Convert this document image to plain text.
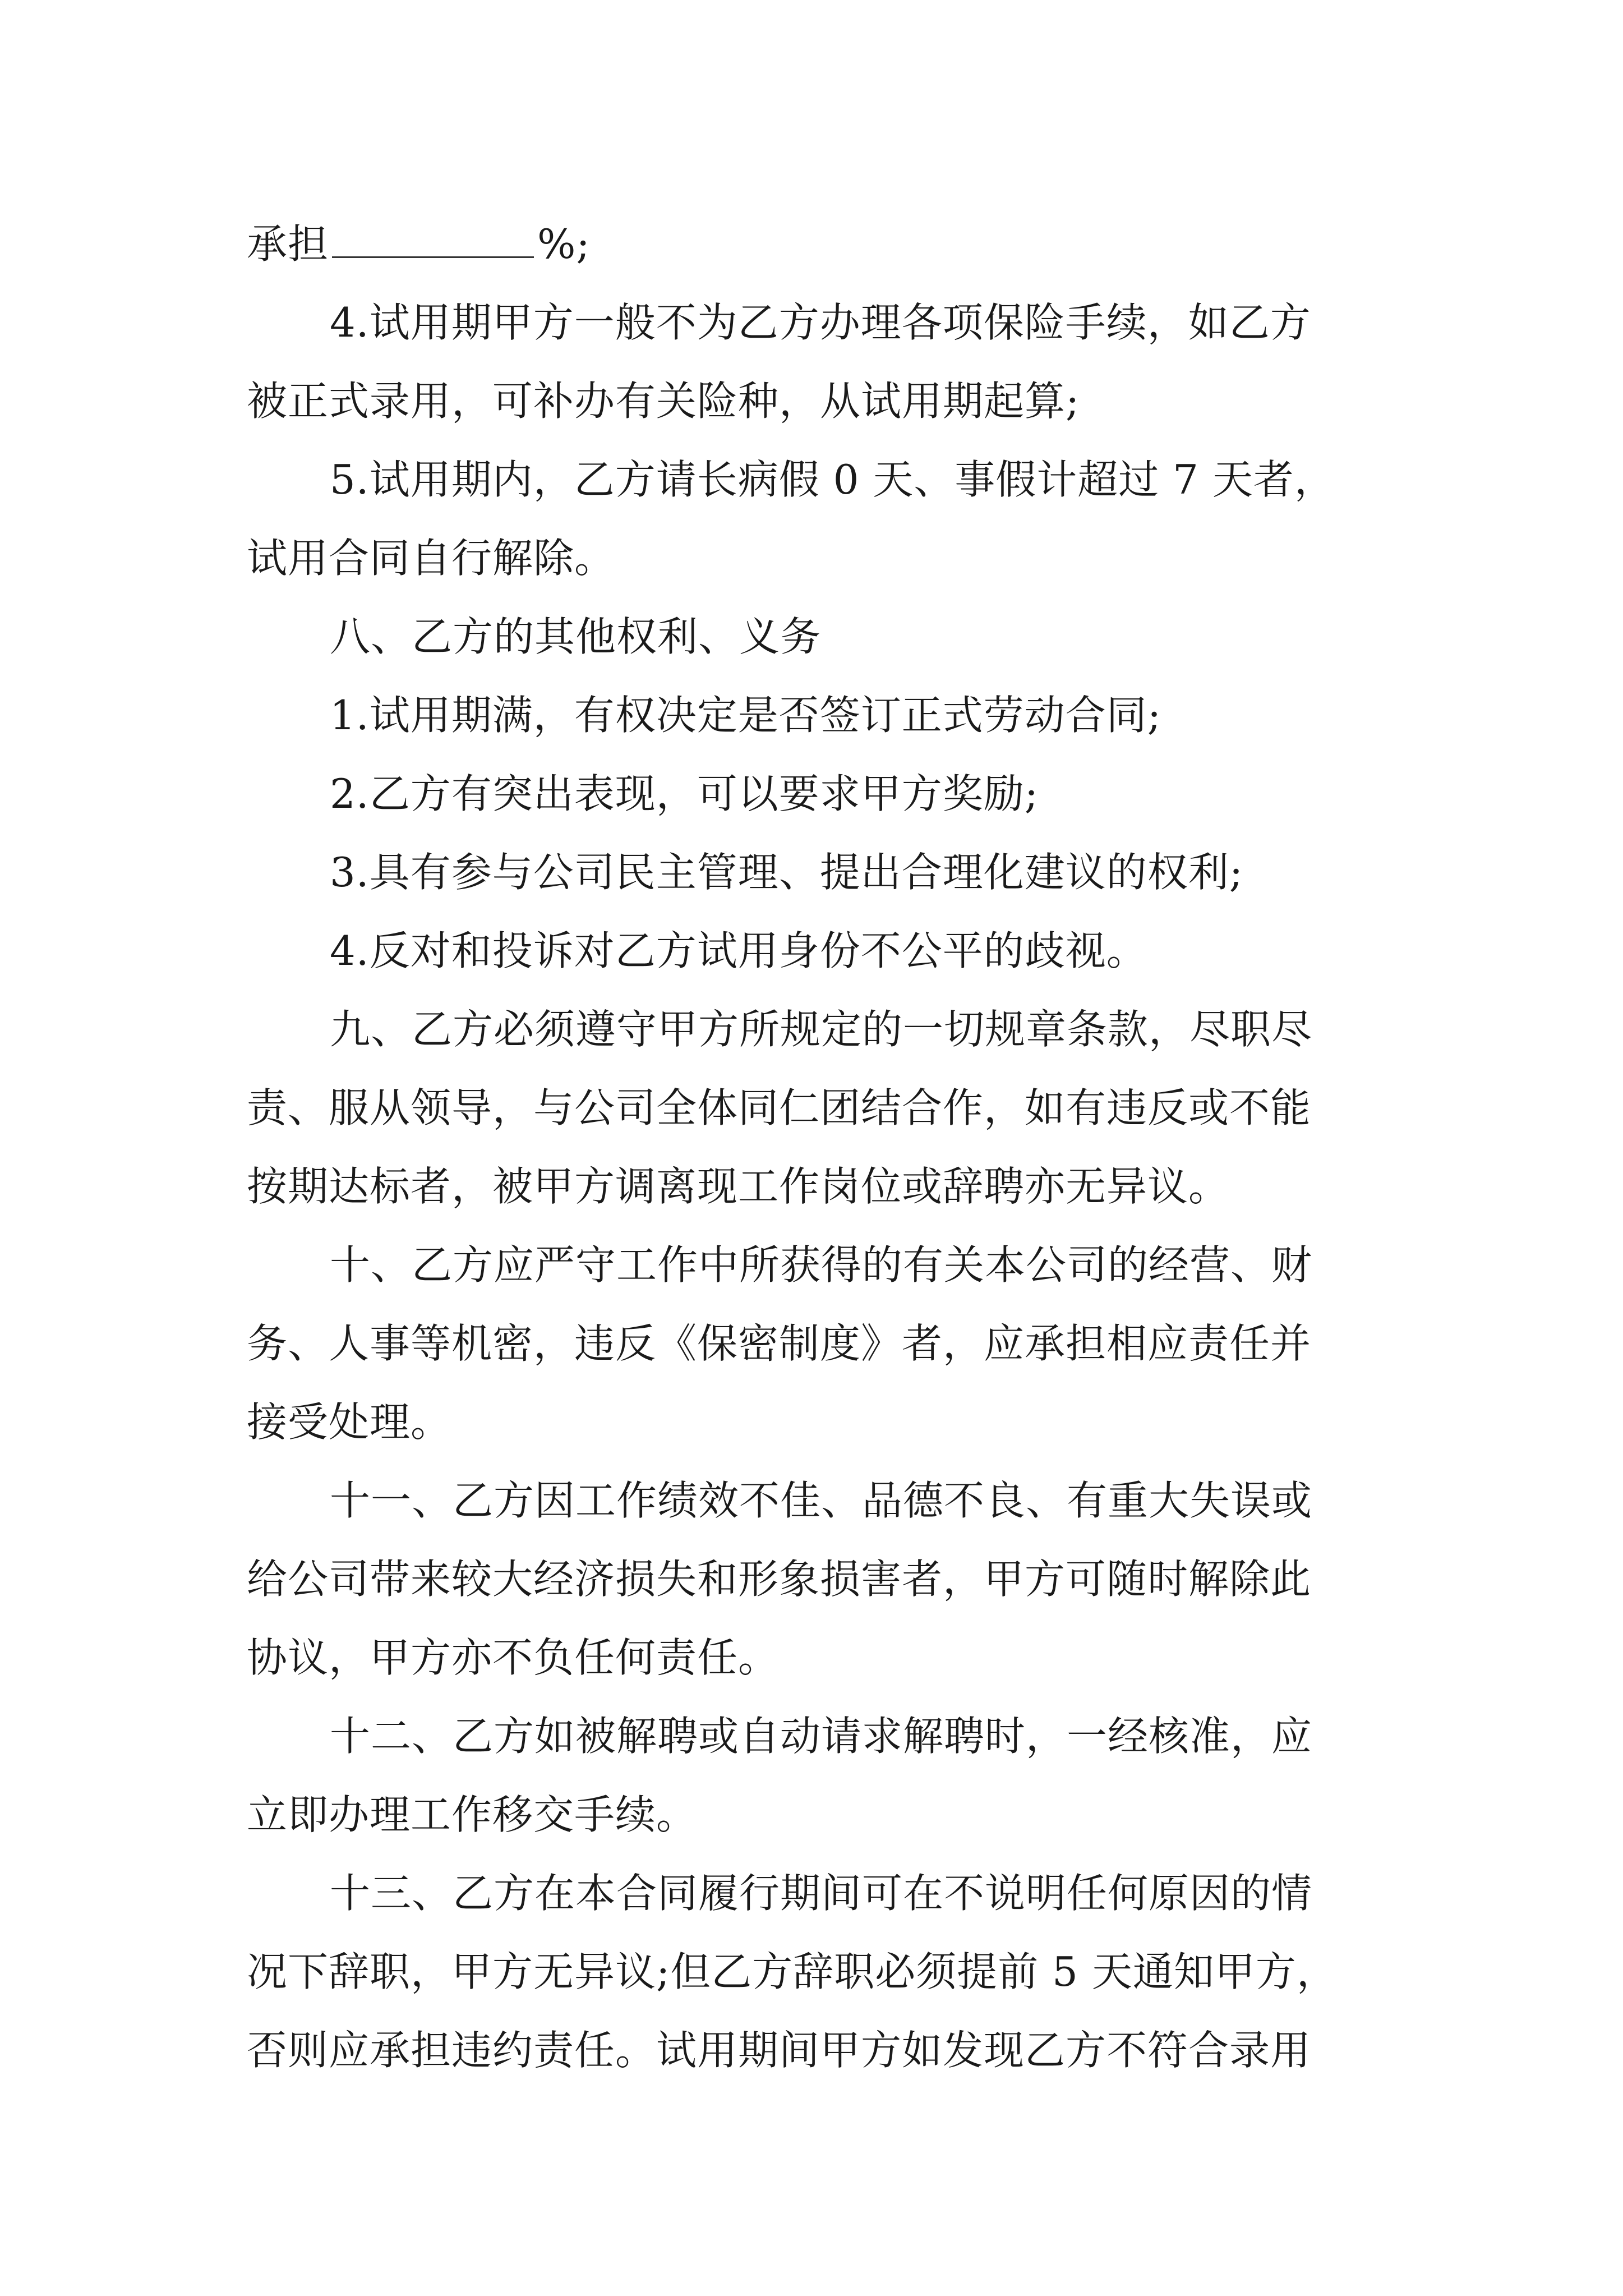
承担	%;
4.试用期甲方一般不为乙方办理各项保险手续，如乙方
被正式录用，可补办有关险种，从试用期起算;
5.试用期内，乙方请长病假 0 天、事假计超过 7 天者，
试用合同自行解除。
八、乙方的其他权利、义务
1.试用期满，有权决定是否签订正式劳动合同;
2.乙方有突出表现，可以要求甲方奖励;
3.具有参与公司民主管理、提出合理化建议的权利;
4.反对和投诉对乙方试用身份不公平的歧视。
九、乙方必须遵守甲方所规定的一切规章条款，尽职尽
责、服从领导，与公司全体同仁团结合作，如有违反或不能
按期达标者，被甲方调离现工作岗位或辞聘亦无异议。
十、乙方应严守工作中所获得的有关本公司的经营、财
务、人事等机密，违反《保密制度》者，应承担相应责任并
接受处理。
十一、乙方因工作绩效不佳、品德不良、有重大失误或
给公司带来较大经济损失和形象损害者，甲方可随时解除此
协议，甲方亦不负任何责任。
十二、乙方如被解聘或自动请求解聘时，一经核准，应
立即办理工作移交手续。
十三、乙方在本合同履行期间可在不说明任何原因的情
况下辞职，甲方无异议;但乙方辞职必须提前 5 天通知甲方，
否则应承担违约责任。试用期间甲方如发现乙方不符合录用
